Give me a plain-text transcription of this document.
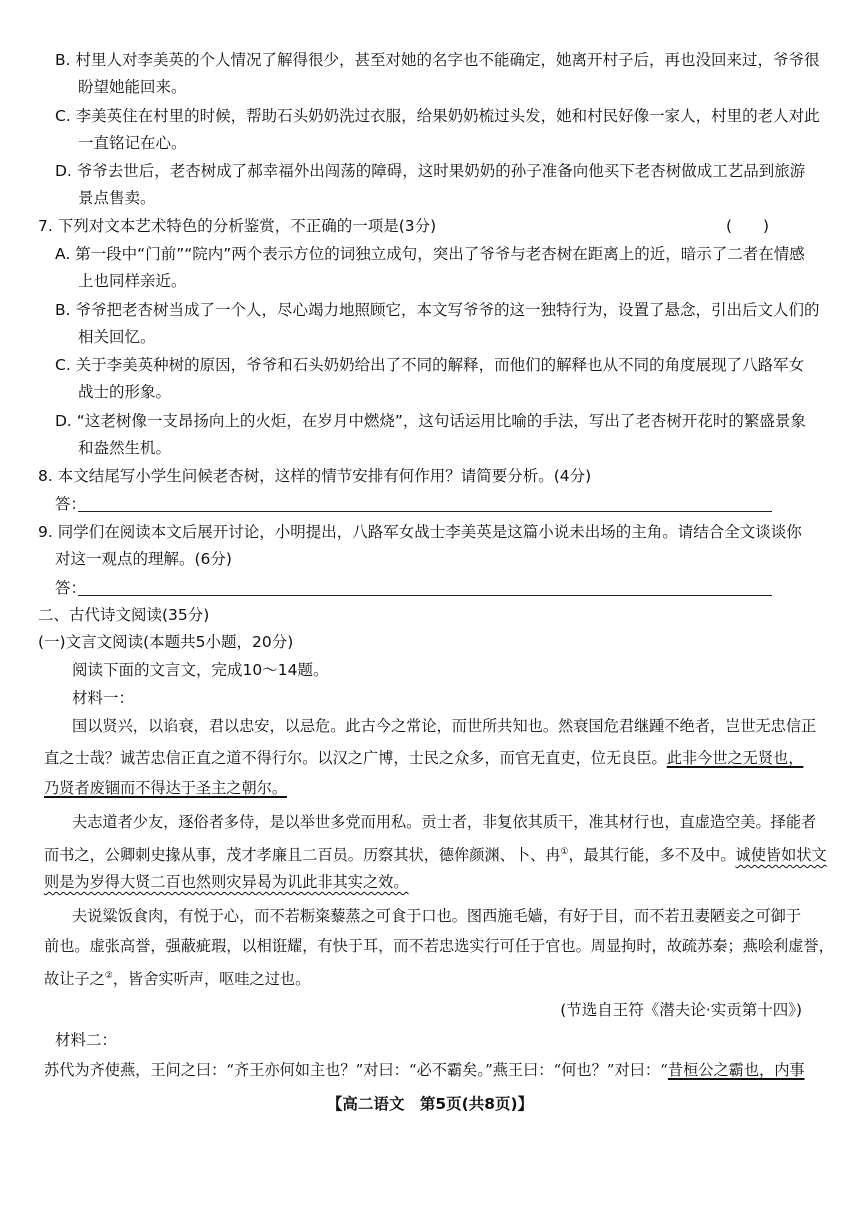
B. 村里人对李美英的个人情况了解得很少，甚至对她的名字也不能确定，她离开村子后，再也没回来过，爷爷很
盼望她能回来。
C. 李美英住在村里的时候，帮助石头奶奶洗过衣服，给果奶奶梳过头发，她和村民好像一家人，村里的老人对此
一直铭记在心。
D. 爷爷去世后，老杏树成了郝幸福外出闯荡的障碍，这时果奶奶的孙子准备向他买下老杏树做成工艺品到旅游
景点售卖。
7. 下列对文本艺术特色的分析鉴赏，不正确的一项是(3分)	(　　)
A. 第一段中“门前”“院内”两个表示方位的词独立成句，突出了爷爷与老杏树在距离上的近，暗示了二者在情感
上也同样亲近。
B. 爷爷把老杏树当成了一个人，尽心竭力地照顾它，本文写爷爷的这一独特行为，设置了悬念，引出后文人们的
相关回忆。
C. 关于李美英种树的原因，爷爷和石头奶奶给出了不同的解释，而他们的解释也从不同的角度展现了八路军女
战士的形象。
D. “这老树像一支昂扬向上的火炬，在岁月中燃烧”，这句话运用比喻的手法，写出了老杏树开花时的繁盛景象
和盎然生机。
8. 本文结尾写小学生问候老杏树，这样的情节安排有何作用？请简要分析。(4分)
答：
9. 同学们在阅读本文后展开讨论，小明提出，八路军女战士李美英是这篇小说未出场的主角。请结合全文谈谈你
对这一观点的理解。(6分)
答：
二、古代诗文阅读(35分)
(一)文言文阅读(本题共5小题，20分)
阅读下面的文言文，完成10～14题。
材料一：
国以贤兴，以谄衰，君以忠安，以忌危。此古今之常论，而世所共知也。然衰国危君继踵不绝者，岂世无忠信正
直之士哉？诚苦忠信正直之道不得行尔。以汉之广博，士民之众多，而官无直吏，位无良臣。此非今世之无贤也，
乃贤者废锢而不得达于圣主之朝尔。
夫志道者少友，逐俗者多侍，是以举世多党而用私。贡士者，非复依其质干，准其材行也，直虚造空美。择能者
而书之，公卿刺史掾从事，茂才孝廉且二百员。历察其状，德侔颜渊、卜、冉①，最其行能，多不及中。诚使皆如状文
则是为岁得大贤二百也然则灾异曷为讥此非其实之效。
夫说粱饭食肉，有悦于心，而不若粝粢藜蒸之可食于口也。图西施毛嫱，有好于目，而不若丑妻陋妾之可御于
前也。虚张高誉，强蔽疵瑕，以相诳耀，有快于耳，而不若忠选实行可任于官也。周显拘时，故疏苏秦；燕哙利虚誉，
故让子之②，皆舍实听声，呕哇之过也。
(节选自王符《潜夫论·实贡第十四》)
材料二：
苏代为齐使燕，王问之曰：“齐王亦何如主也？”对曰：“必不霸矣。”燕王曰：“何也？”对曰：“昔桓公之霸也，内事
【高二语文　第5页(共8页)】
